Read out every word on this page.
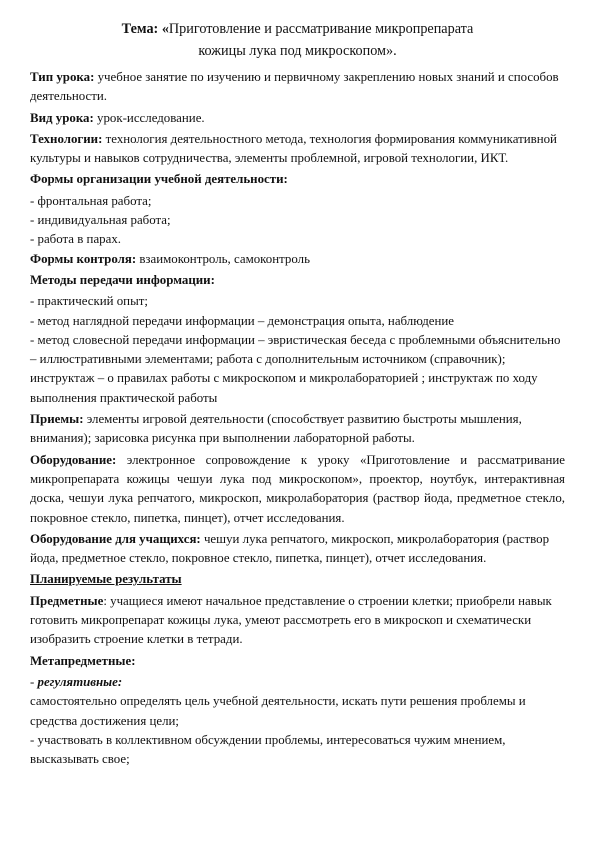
Тема: «Приготовление и рассматривание микропрепарата
кожицы лука под микроскопом».

Тип урока: учебное занятие по изучению и первичному закреплению новых знаний и способов деятельности.

Вид урока: урок-исследование.

Технологии: технология деятельностного метода, технология формирования коммуникативной культуры и навыков сотрудничества, элементы проблемной, игровой технологии, ИКТ.

Формы организации учебной деятельности:

- фронтальная работа;
- индивидуальная работа;
- работа в парах.

Формы контроля: взаимоконтроль, самоконтроль

Методы передачи информации:

- практический опыт;
- метод наглядной передачи информации – демонстрация опыта, наблюдение

- метод словесной передачи информации – эвристическая беседа с проблемными объяснительно – иллюстративными элементами; работа с дополнительным источником (справочник); инструктаж – о правилах работы с микроскопом и микролабораторией ; инструктаж по ходу выполнения практической работы

Приемы: элементы игровой деятельности (способствует развитию быстроты мышления, внимания); зарисовка рисунка при выполнении лабораторной работы.

Оборудование: электронное сопровождение к уроку «Приготовление и рассматривание микропрепарата кожицы чешуи лука под микроскопом», проектор, ноутбук, интерактивная доска, чешуи лука репчатого, микроскоп, микролаборатория (раствор йода, предметное стекло, покровное стекло, пипетка, пинцет), отчет исследования.

Оборудование для учащихся: чешуи лука репчатого, микроскоп, микролаборатория (раствор йода, предметное стекло, покровное стекло, пипетка, пинцет), отчет исследования.

Планируемые результаты

Предметные: учащиеся имеют начальное представление о строении клетки; приобрели навык готовить микропрепарат кожицы лука, умеют рассмотреть его в микроскоп и схематически изобразить строение клетки в тетради.

Метапредметные:

- регулятивные:
самостоятельно определять цель учебной деятельности, искать пути решения проблемы и средства достижения цели;
- участвовать в коллективном обсуждении проблемы, интересоваться чужим мнением, высказывать свое;
